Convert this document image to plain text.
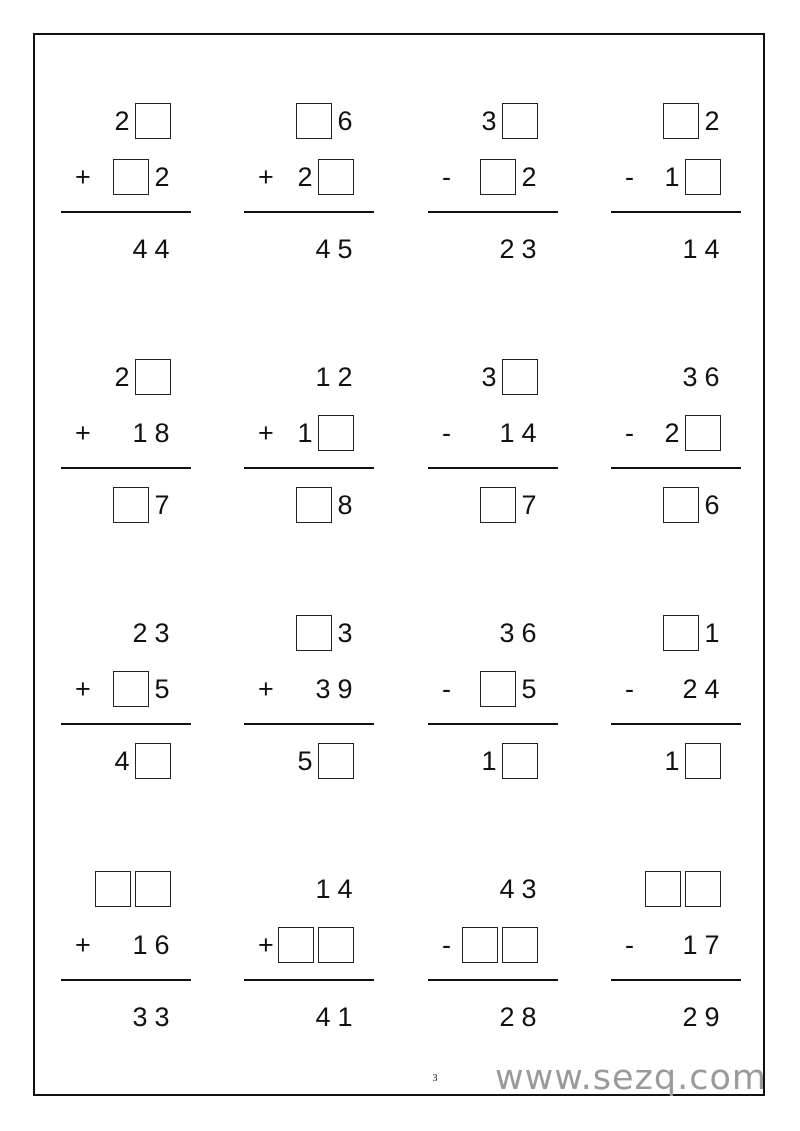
2
+ 2
4 4
6
+ 2
4 5
3
-	2
2 3
2
- 1
1 4
2
+ 1 8
7
1 2
+ 1
8
3
- 1 4
7
3 6
- 2
6
2 3
+ 5
4
3
+ 3 9
5
3 6
-	5
1
1
- 2 4
1
+ 1 6
3 3
1 4
+
4 1
4 3
-
2 8
- 1 7
2 9
3 www.sezq.com
